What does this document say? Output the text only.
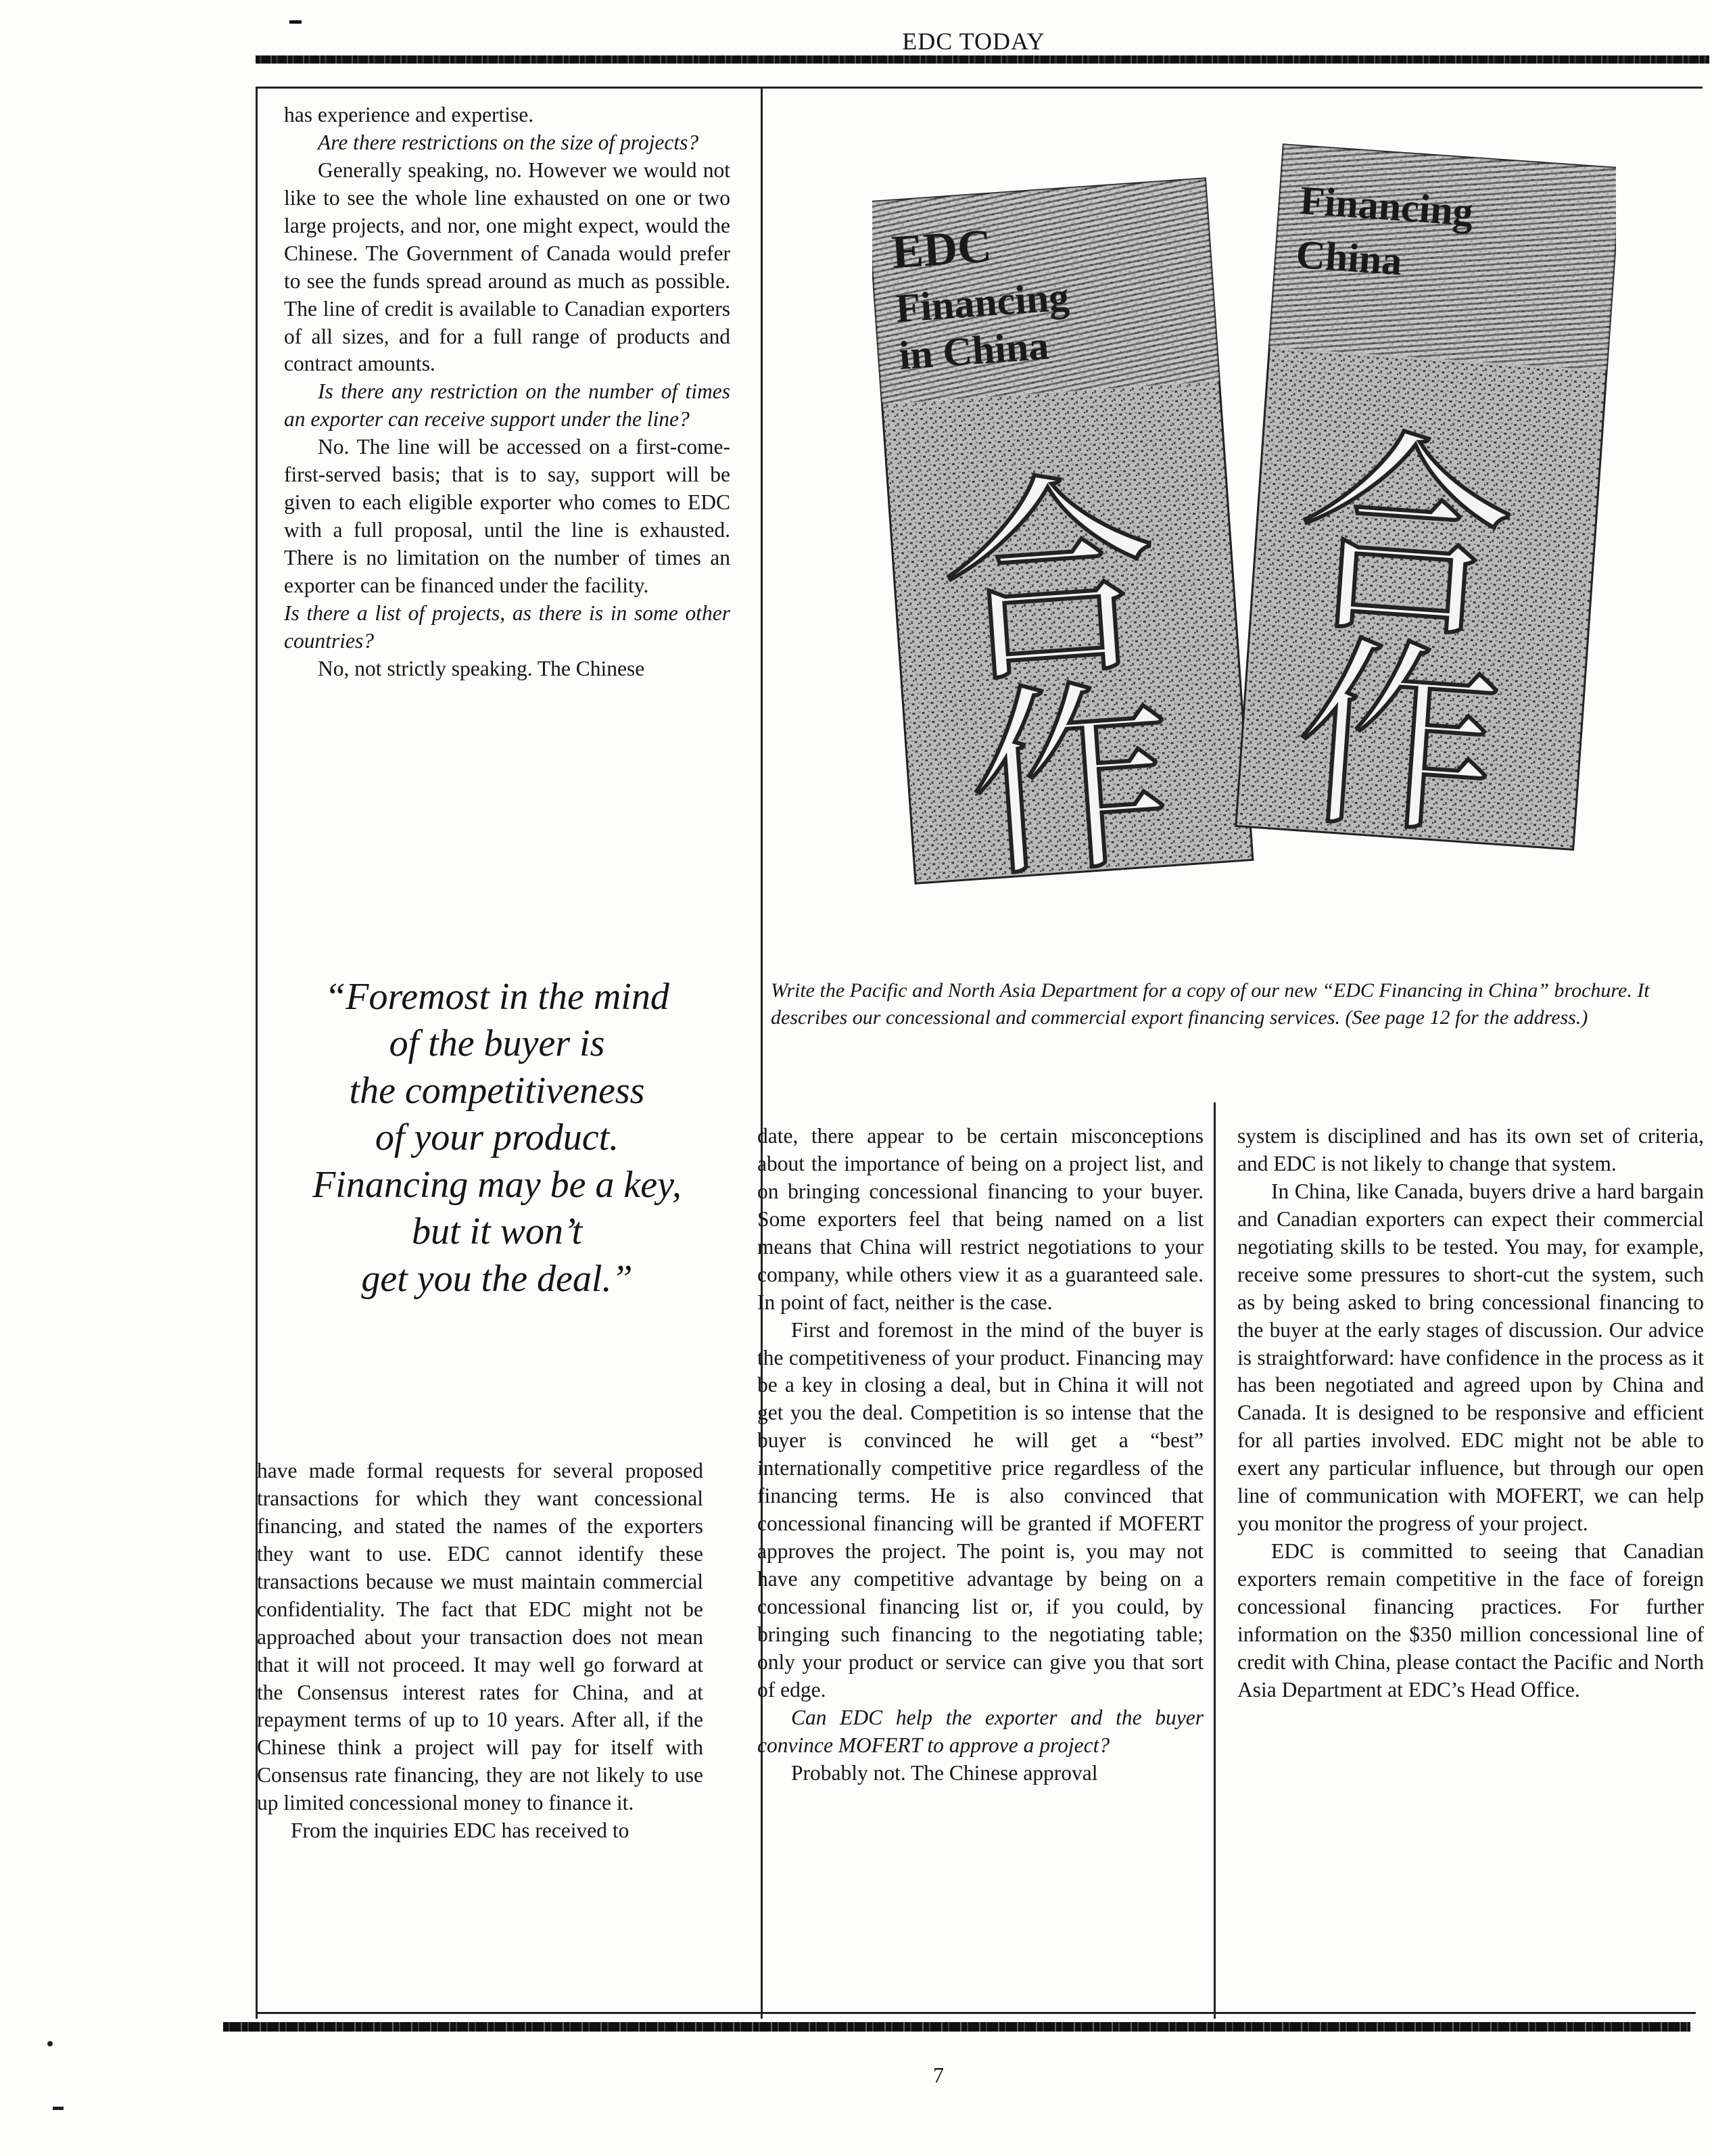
EDC TODAY

has experience and expertise.

Are there restrictions on the size of projects?

Generally speaking, no. However we would not like to see the whole line exhausted on one or two large projects, and nor, one might expect, would the Chinese. The Government of Canada would prefer to see the funds spread around as much as possible. The line of credit is available to Canadian exporters of all sizes, and for a full range of products and contract amounts.

Is there any restriction on the number of times an exporter can receive support under the line?

No. The line will be accessed on a first-come-first-served basis; that is to say, support will be given to each eligible exporter who comes to EDC with a full proposal, until the line is exhausted. There is no limitation on the number of times an exporter can be financed under the facility.

Is there a list of projects, as there is in some other countries?

No, not strictly speaking. The Chinese

“Foremost in the mind
of the buyer is
the competitiveness
of your product.
Financing may be a key,
but it won’t
get you the deal.”
EDC
Financing
in China
合
作
Financing
China
合
作
Write the Pacific and North Asia Department for a copy of our new “EDC Financing in China” brochure. It describes our concessional and commercial export financing services. (See page 12 for the address.)

have made formal requests for several proposed transactions for which they want concessional financing, and stated the names of the exporters they want to use. EDC cannot identify these transactions because we must maintain commercial confidentiality. The fact that EDC might not be approached about your transaction does not mean that it will not proceed. It may well go forward at the Consensus interest rates for China, and at repayment terms of up to 10 years. After all, if the Chinese think a project will pay for itself with Consensus rate financing, they are not likely to use up limited concessional money to finance it.

From the inquiries EDC has received to

date, there appear to be certain misconceptions about the importance of being on a project list, and on bringing concessional financing to your buyer. Some exporters feel that being named on a list means that China will restrict negotiations to your company, while others view it as a guaranteed sale. In point of fact, neither is the case.

First and foremost in the mind of the buyer is the competitiveness of your product. Financing may be a key in closing a deal, but in China it will not get you the deal. Competition is so intense that the buyer is convinced he will get a “best” internationally competitive price regardless of the financing terms. He is also convinced that concessional financing will be granted if MOFERT approves the project. The point is, you may not have any competitive advantage by being on a concessional financing list or, if you could, by bringing such financing to the negotiating table; only your product or service can give you that sort of edge.

Can EDC help the exporter and the buyer convince MOFERT to approve a project?

Probably not. The Chinese approval

system is disciplined and has its own set of criteria, and EDC is not likely to change that system.

In China, like Canada, buyers drive a hard bargain and Canadian exporters can expect their commercial negotiating skills to be tested. You may, for example, receive some pressures to short-cut the system, such as by being asked to bring concessional financing to the buyer at the early stages of discussion. Our advice is straightforward: have confidence in the process as it has been negotiated and agreed upon by China and Canada. It is designed to be responsive and efficient for all parties involved. EDC might not be able to exert any particular influence, but through our open line of communication with MOFERT, we can help you monitor the progress of your project.

EDC is committed to seeing that Canadian exporters remain competitive in the face of foreign concessional financing practices. For further information on the $350 million concessional line of credit with China, please contact the Pacific and North Asia Department at EDC’s Head Office.

7
